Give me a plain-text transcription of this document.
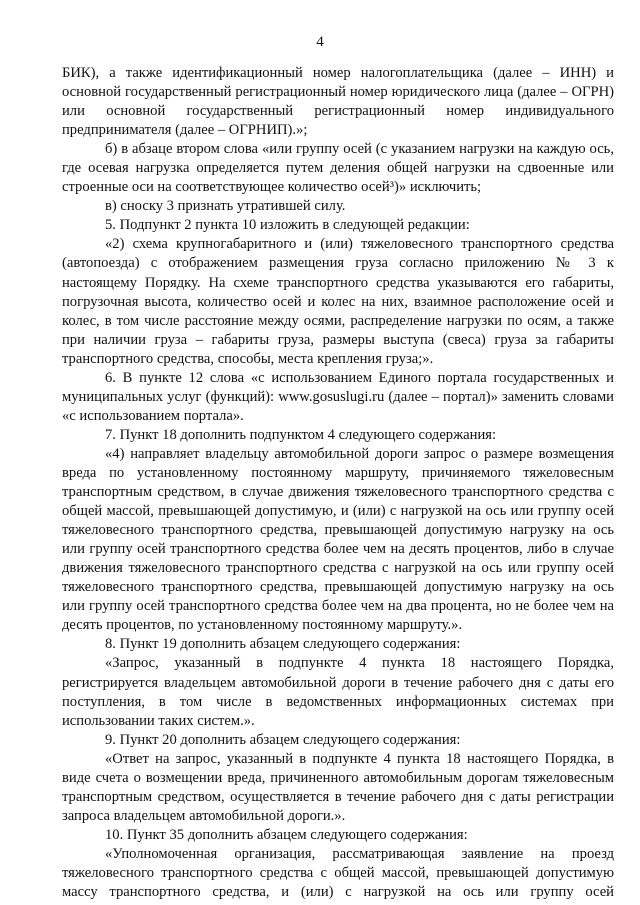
4

БИК), а также идентификационный номер налогоплательщика (далее – ИНН) и основной государственный регистрационный номер юридического лица (далее – ОГРН) или основной государственный регистрационный номер индивидуального предпринимателя (далее – ОГРНИП).»;

б) в абзаце втором слова «или группу осей (с указанием нагрузки на каждую ось, где осевая нагрузка определяется путем деления общей нагрузки на сдвоенные или строенные оси на соответствующее количество осей³)» исключить;

в) сноску 3 признать утратившей силу.

5. Подпункт 2 пункта 10 изложить в следующей редакции:

«2) схема крупногабаритного и (или) тяжеловесного транспортного средства (автопоезда) с отображением размещения груза согласно приложению № 3 к настоящему Порядку. На схеме транспортного средства указываются его габариты, погрузочная высота, количество осей и колес на них, взаимное расположение осей и колес, в том числе расстояние между осями, распределение нагрузки по осям, а также при наличии груза – габариты груза, размеры выступа (свеса) груза за габариты транспортного средства, способы, места крепления груза;».

6. В пункте 12 слова «с использованием Единого портала государственных и муниципальных услуг (функций): www.gosuslugi.ru (далее – портал)» заменить словами «с использованием портала».

7. Пункт 18 дополнить подпунктом 4 следующего содержания:

«4) направляет владельцу автомобильной дороги запрос о размере возмещения вреда по установленному постоянному маршруту, причиняемого тяжеловесным транспортным средством, в случае движения тяжеловесного транспортного средства с общей массой, превышающей допустимую, и (или) с нагрузкой на ось или группу осей тяжеловесного транспортного средства, превышающей допустимую нагрузку на ось или группу осей транспортного средства более чем на десять процентов, либо в случае движения тяжеловесного транспортного средства с нагрузкой на ось или группу осей тяжеловесного транспортного средства, превышающей допустимую нагрузку на ось или группу осей транспортного средства более чем на два процента, но не более чем на десять процентов, по установленному постоянному маршруту.».

8. Пункт 19 дополнить абзацем следующего содержания:

«Запрос, указанный в подпункте 4 пункта 18 настоящего Порядка, регистрируется владельцем автомобильной дороги в течение рабочего дня с даты его поступления, в том числе в ведомственных информационных системах при использовании таких систем.».

9. Пункт 20 дополнить абзацем следующего содержания:

«Ответ на запрос, указанный в подпункте 4 пункта 18 настоящего Порядка, в виде счета о возмещении вреда, причиненного автомобильным дорогам тяжеловесным транспортным средством, осуществляется в течение рабочего дня с даты регистрации запроса владельцем автомобильной дороги.».

10. Пункт 35 дополнить абзацем следующего содержания:

«Уполномоченная организация, рассматривающая заявление на проезд тяжеловесного транспортного средства с общей массой, превышающей допустимую массу транспортного средства, и (или) с нагрузкой на ось или группу осей
